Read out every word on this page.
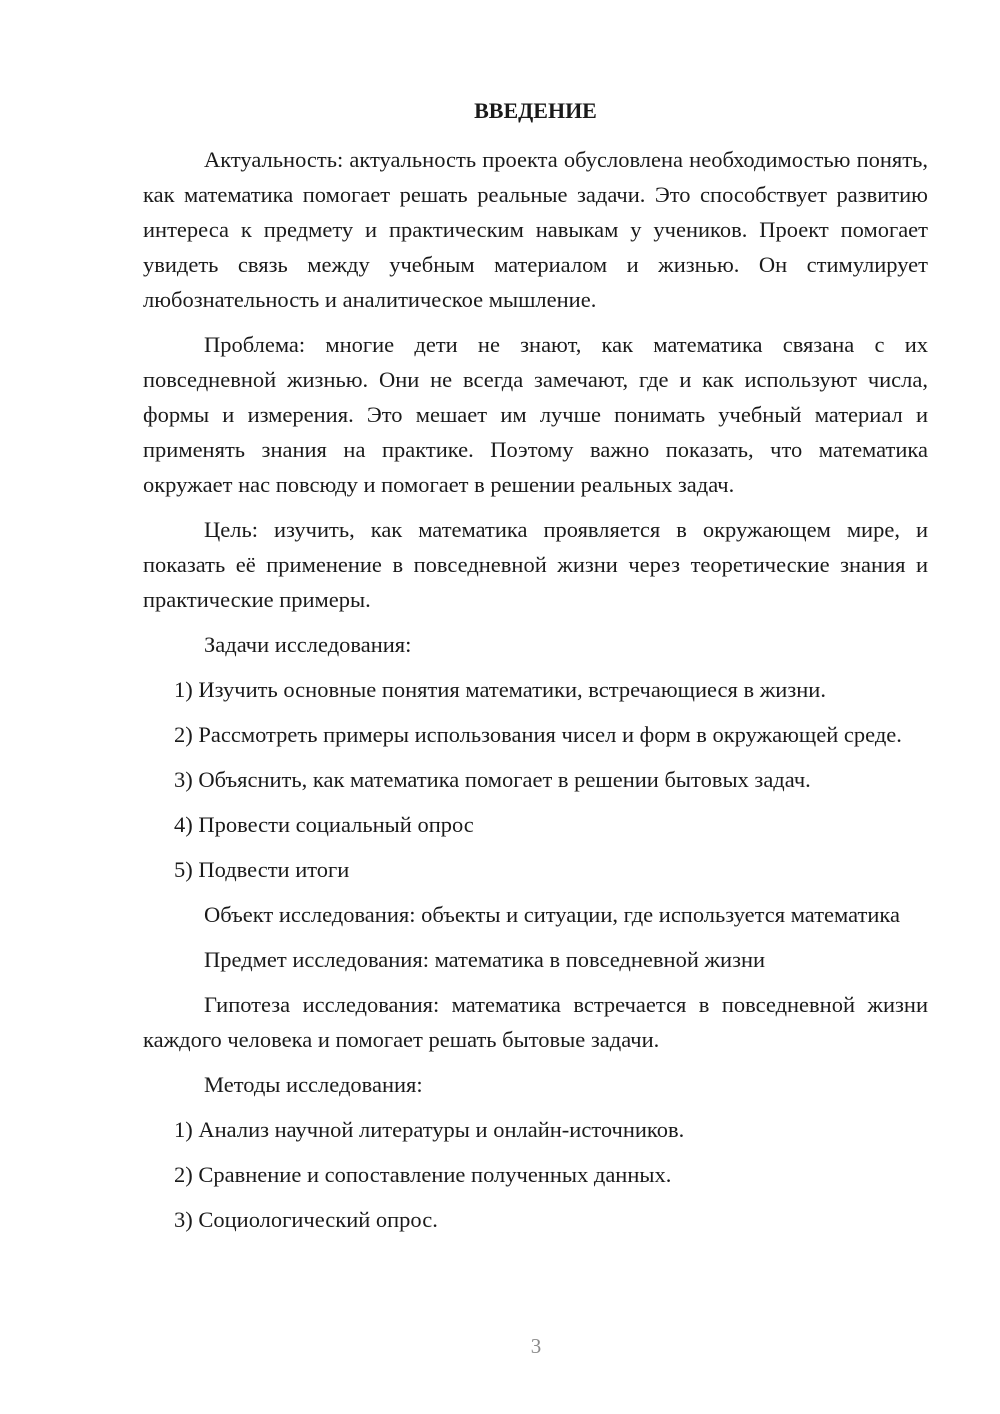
ВВЕДЕНИЕ

Актуальность: актуальность проекта обусловлена необходимостью понять, как математика помогает решать реальные задачи. Это способствует развитию интереса к предмету и практическим навыкам у учеников. Проект помогает увидеть связь между учебным материалом и жизнью. Он стимулирует любознательность и аналитическое мышление.

Проблема: многие дети не знают, как математика связана с их повседневной жизнью. Они не всегда замечают, где и как используют числа, формы и измерения. Это мешает им лучше понимать учебный материал и применять знания на практике. Поэтому важно показать, что математика окружает нас повсюду и помогает в решении реальных задач.

Цель: изучить, как математика проявляется в окружающем мире, и показать её применение в повседневной жизни через теоретические знания и практические примеры.

Задачи исследования:

1) Изучить основные понятия математики, встречающиеся в жизни.

2) Рассмотреть примеры использования чисел и форм в окружающей среде.

3) Объяснить, как математика помогает в решении бытовых задач.

4) Провести социальный опрос

5) Подвести итоги

Объект исследования: объекты и ситуации, где используется математика

Предмет исследования: математика в повседневной жизни

Гипотеза исследования: математика встречается в повседневной жизни каждого человека и помогает решать бытовые задачи.

Методы исследования:

1) Анализ научной литературы и онлайн-источников.

2) Сравнение и сопоставление полученных данных.

3) Социологический опрос.

3
